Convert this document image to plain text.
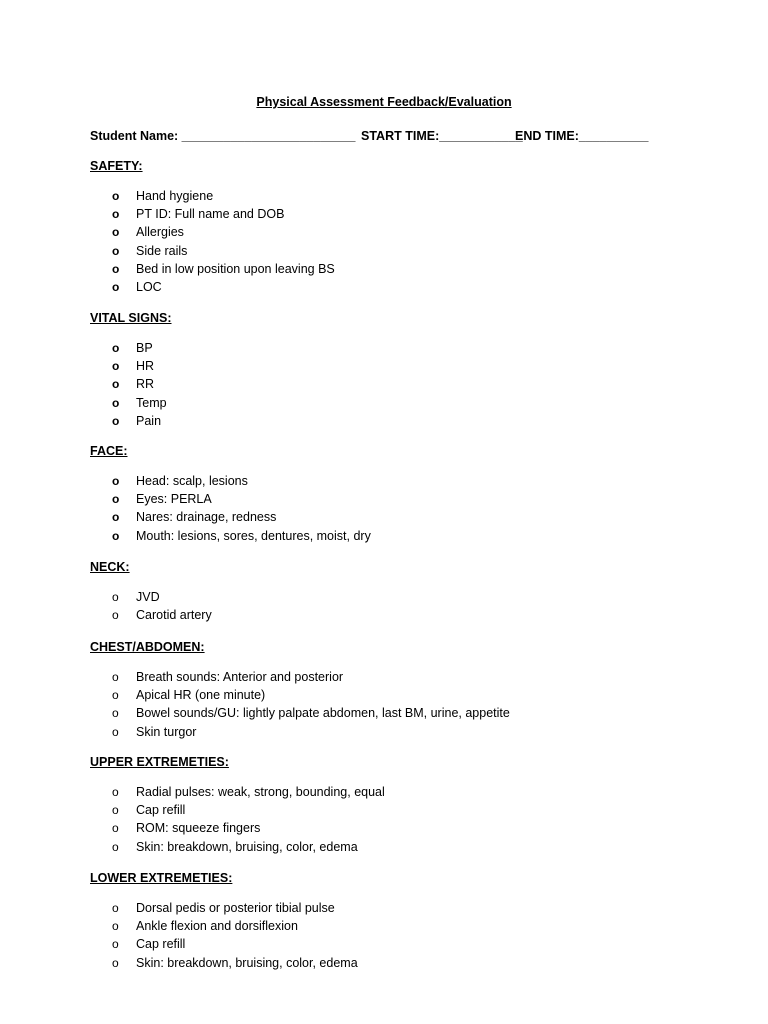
Physical Assessment Feedback/Evaluation
Student Name: _________________________ START TIME:____________
END TIME:__________
SAFETY:
o	Hand hygiene
o	PT ID: Full name and DOB
o	Allergies
o	Side rails
o	Bed in low position upon leaving BS
o	LOC
VITAL SIGNS:
o	BP
o	HR
o	RR
o	Temp
o	Pain
FACE:
o	Head: scalp, lesions
o	Eyes: PERLA
o	Nares: drainage, redness
o	Mouth: lesions, sores, dentures, moist, dry
NECK:
o	JVD
o	Carotid artery
CHEST/ABDOMEN:
o	Breath sounds: Anterior and posterior
o	Apical HR (one minute)
o	Bowel sounds/GU: lightly palpate abdomen, last BM, urine, appetite
o	Skin turgor
UPPER EXTREMETIES:
o	Radial pulses: weak, strong, bounding, equal
o	Cap refill
o	ROM: squeeze fingers
o	Skin: breakdown, bruising, color, edema
LOWER EXTREMETIES:
o	Dorsal pedis or posterior tibial pulse
o	Ankle flexion and dorsiflexion
o	Cap refill
o	Skin: breakdown, bruising, color, edema
